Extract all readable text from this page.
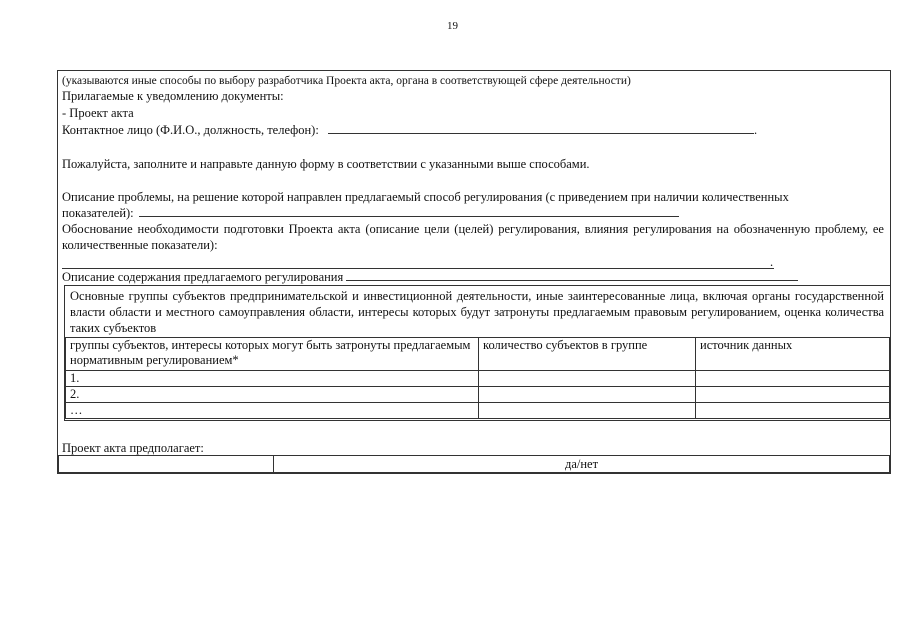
19
(указываются иные способы по выбору разработчика Проекта акта, органа в соответствующей сфере деятельности)
Прилагаемые к уведомлению документы:
- Проект акта
Контактное лицо (Ф.И.О., должность, телефон):	.
Пожалуйста, заполните и направьте данную форму в соответствии с указанными выше способами.
Описание проблемы, на решение которой направлен предлагаемый способ регулирования (с приведением при наличии количественных
показателей):
Обоснование необходимости подготовки Проекта акта (описание цели (целей) регулирования, влияния регулирования на обозначенную проблему, ее количественные показатели):
.
Описание содержания предлагаемого регулирования
Основные группы субъектов предпринимательской и инвестиционной деятельности, иные заинтересованные лица, включая органы государственной власти области и местного самоуправления области, интересы которых будут затронуты предлагаемым правовым регулированием, оценка количества таких субъектов
группы субъектов, интересы которых могут быть затронуты предлагаемым нормативным регулированием*	количество субъектов в группе	источник данных
1.		
2.		
…		
Проект акта предполагает:
	да/нет
